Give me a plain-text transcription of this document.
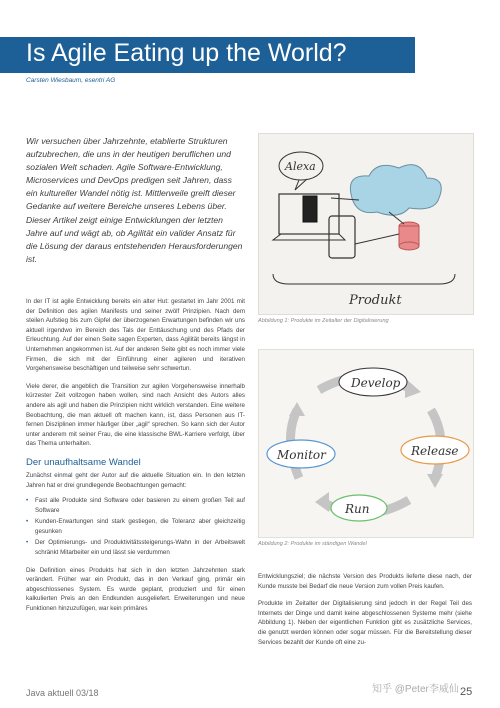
Is Agile Eating up the World?
Carsten Wiesbaum, esentri AG

Wir versuchen über Jahrzehnte, etablierte Strukturen aufzubrechen, die uns in der heutigen beruflichen und sozialen Welt schaden. Agile Software-Entwicklung, Microservices und DevOps predigen seit Jahren, dass ein kultureller Wandel nötig ist. Mittlerweile greift dieser Gedanke auf weitere Bereiche unseres Lebens über. Dieser Artikel zeigt einige Entwicklungen der letzten Jahre auf und wägt ab, ob Agilität ein valider Ansatz für die Lösung der daraus entstehenden Herausforderungen ist.

In der IT ist agile Entwicklung bereits ein alter Hut: gestartet im Jahr 2001 mit der Definition des agilen Manifests und seiner zwölf Prinzipien. Nach dem steilen Aufstieg bis zum Gipfel der überzogenen Erwartungen befinden wir uns aktuell irgendwo im Bereich des Tals der Enttäuschung und des Pfads der Erleuchtung. Auf der einen Seite sagen Experten, dass Agilität bereits längst in Unternehmen angekommen ist. Auf der anderen Seite gibt es noch immer viele Firmen, die sich mit der Einführung einer agileren und iterativen Vorgehensweise beschäftigen und teilweise sehr schwertun.

Viele derer, die angeblich die Transition zur agilen Vorgehensweise innerhalb kürzester Zeit vollzogen haben wollen, sind nach Ansicht des Autors alles andere als agil und haben die Prinzipien nicht wirklich verstanden. Eine weitere Beobachtung, die man aktuell oft machen kann, ist, dass Personen aus IT-fernen Disziplinen immer häufiger über „agil“ sprechen. So kann sich der Autor unter anderem mit seiner Frau, die eine klassische BWL-Karriere verfolgt, über das Thema unterhalten.

Der unaufhaltsame Wandel

Zunächst einmal geht der Autor auf die aktuelle Situation ein. In den letzten Jahren hat er drei grundlegende Beobachtungen gemacht:

• Fast alle Produkte sind Software oder basieren zu einem großen Teil auf Software
• Kunden-Erwartungen sind stark gestiegen, die Toleranz aber gleichzeitig gesunken
• Der Optimierungs- und Produktivitätssteigerungs-Wahn in der Arbeitswelt schränkt Mitarbeiter ein und lässt sie verdummen

Die Definition eines Produkts hat sich in den letzten Jahrzehnten stark verändert. Früher war ein Produkt, das in den Verkauf ging, primär ein abgeschlossenes System. Es wurde geplant, produziert und für einen kalkulierten Preis an den Endkunden ausgeliefert. Erweiterungen und neue Funktionen hinzuzufügen, war kein primäres

Alexa
Produkt
Abbildung 1: Produkte im Zeitalter der Digitalisierung
Develop
Release
Run
Monitor
Abbildung 2: Produkte im ständigen Wandel

Entwicklungsziel; die nächste Version des Produkts lieferte diese nach, der Kunde musste bei Bedarf die neue Version zum vollen Preis kaufen.

Produkte im Zeitalter der Digitalisierung sind jedoch in der Regel Teil des Internets der Dinge und damit keine abgeschlossenen Systeme mehr (siehe Abbildung 1). Neben der eigentlichen Funktion gibt es zusätzliche Services, die genutzt werden können oder sogar müssen. Für die Bereitstellung dieser Services bezahlt der Kunde oft eine zu-

Java aktuell 03/18	知乎 @Peter李威仙 25
